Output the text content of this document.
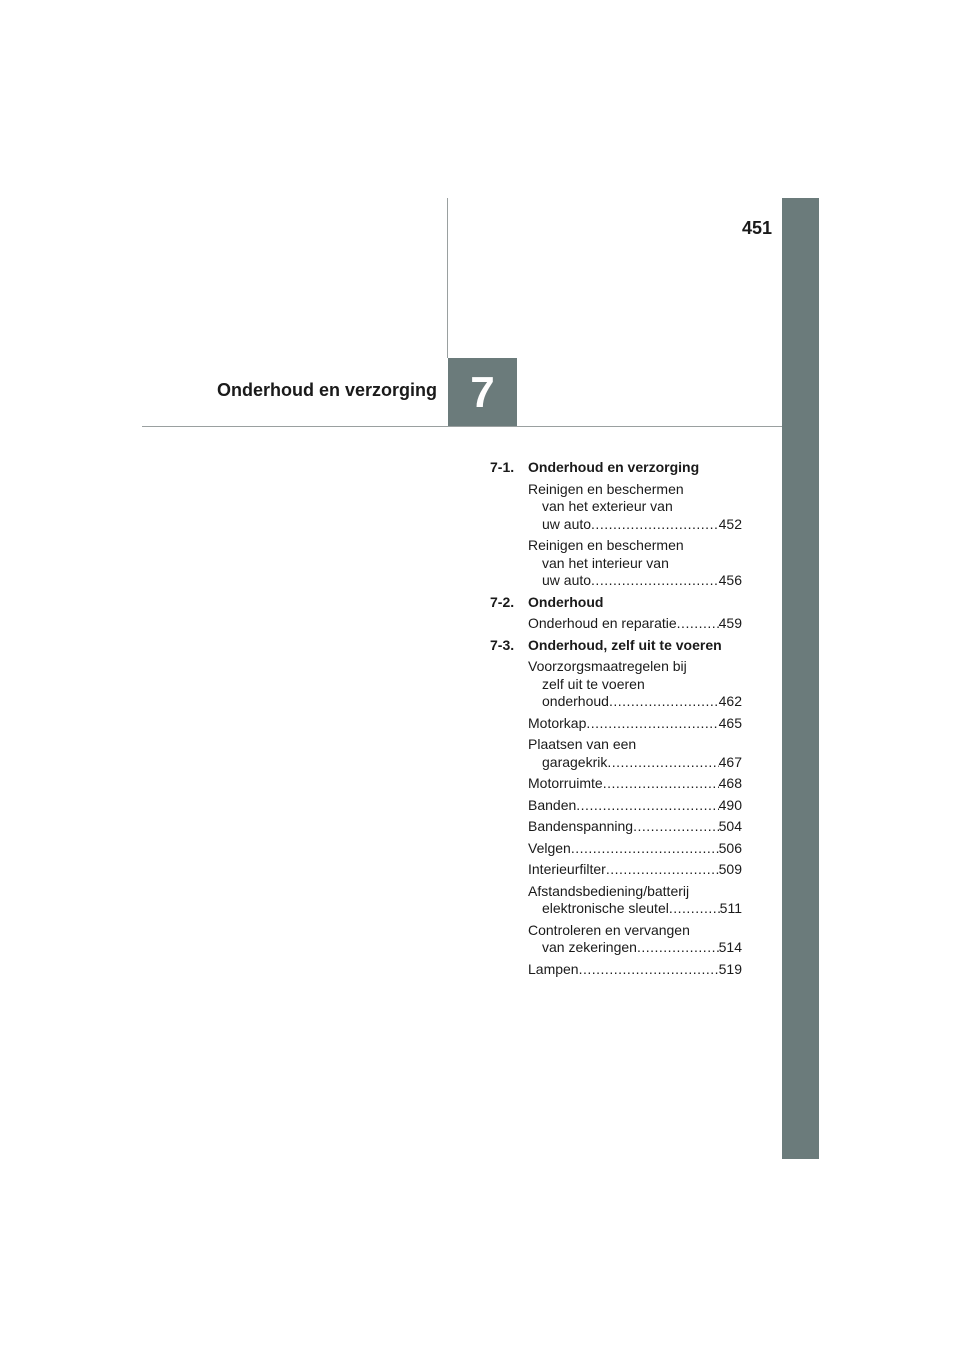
7
451
Onderhoud en verzorging
7-1. Onderhoud en verzorging
Reinigen en beschermen
van het exterieur van
uw auto .....	452
Reinigen en beschermen
van het interieur van
uw auto .....	456
7-2. Onderhoud
Onderhoud en reparatie .....	459
7-3. Onderhoud, zelf uit te voeren
Voorzorgsmaatregelen bij
zelf uit te voeren
onderhoud .....	462
Motorkap .....	465
Plaatsen van een
garagekrik .....	467
Motorruimte .....	468
Banden .....	490
Bandenspanning .....	504
Velgen .....	506
Interieurfilter .....	509
Afstandsbediening/batterij
elektronische sleutel .....	511
Controleren en vervangen
van zekeringen .....	514
Lampen .....	519
